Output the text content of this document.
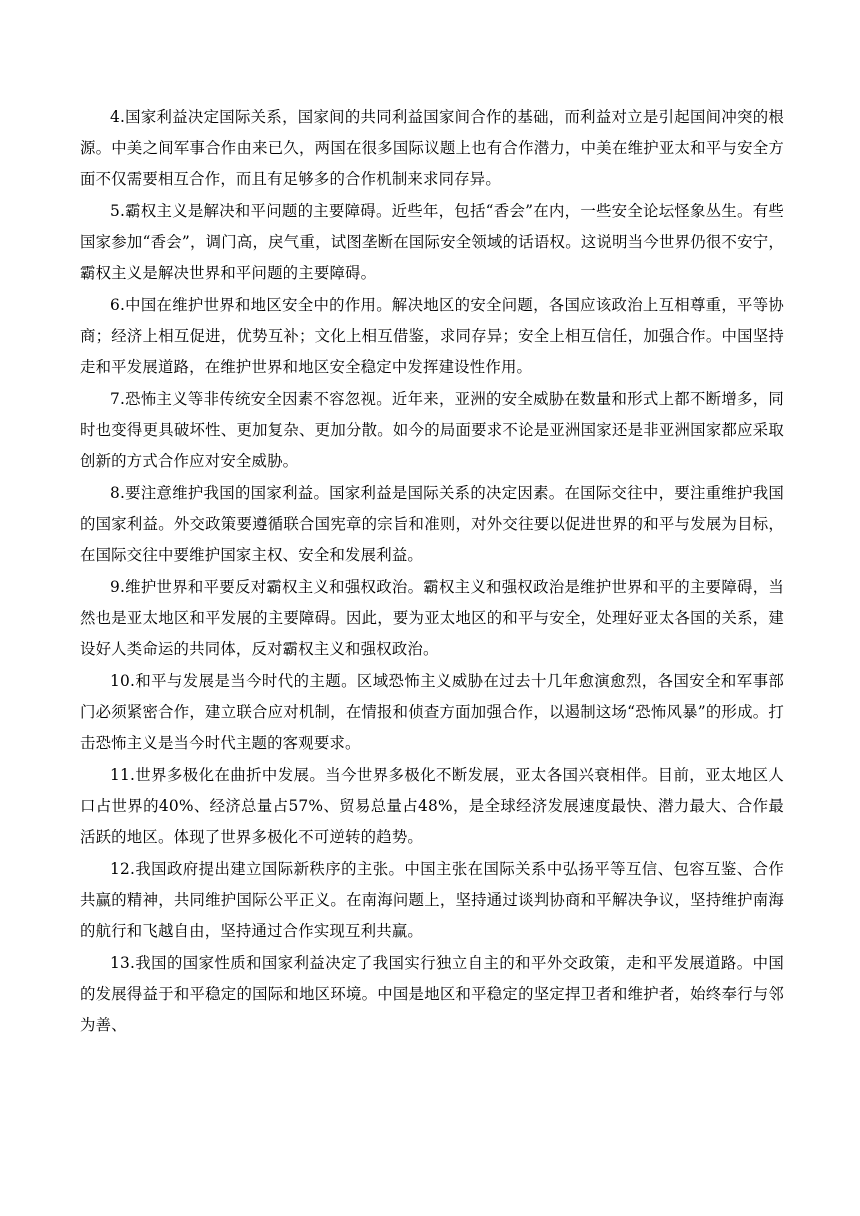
4.国家利益决定国际关系，国家间的共同利益国家间合作的基础，而利益对立是引起国间冲突的根源。中美之间军事合作由来已久，两国在很多国际议题上也有合作潜力，中美在维护亚太和平与安全方面不仅需要相互合作，而且有足够多的合作机制来求同存异。

5.霸权主义是解决和平问题的主要障碍。近些年，包括“香会”在内，一些安全论坛怪象丛生。有些国家参加“香会”，调门高，戾气重，试图垄断在国际安全领域的话语权。这说明当今世界仍很不安宁，霸权主义是解决世界和平问题的主要障碍。

6.中国在维护世界和地区安全中的作用。解决地区的安全问题，各国应该政治上互相尊重，平等协商；经济上相互促进，优势互补；文化上相互借鉴，求同存异；安全上相互信任，加强合作。中国坚持走和平发展道路，在维护世界和地区安全稳定中发挥建设性作用。

7.恐怖主义等非传统安全因素不容忽视。近年来，亚洲的安全威胁在数量和形式上都不断增多，同时也变得更具破坏性、更加复杂、更加分散。如今的局面要求不论是亚洲国家还是非亚洲国家都应采取创新的方式合作应对安全威胁。

8.要注意维护我国的国家利益。国家利益是国际关系的决定因素。在国际交往中，要注重维护我国的国家利益。外交政策要遵循联合国宪章的宗旨和准则，对外交往要以促进世界的和平与发展为目标，在国际交往中要维护国家主权、安全和发展利益。

9.维护世界和平要反对霸权主义和强权政治。霸权主义和强权政治是维护世界和平的主要障碍，当然也是亚太地区和平发展的主要障碍。因此，要为亚太地区的和平与安全，处理好亚太各国的关系，建设好人类命运的共同体，反对霸权主义和强权政治。

10.和平与发展是当今时代的主题。区域恐怖主义威胁在过去十几年愈演愈烈，各国安全和军事部门必须紧密合作，建立联合应对机制，在情报和侦查方面加强合作，以遏制这场“恐怖风暴”的形成。打击恐怖主义是当今时代主题的客观要求。

11.世界多极化在曲折中发展。当今世界多极化不断发展，亚太各国兴衰相伴。目前，亚太地区人口占世界的40%、经济总量占57%、贸易总量占48%，是全球经济发展速度最快、潜力最大、合作最活跃的地区。体现了世界多极化不可逆转的趋势。

12.我国政府提出建立国际新秩序的主张。中国主张在国际关系中弘扬平等互信、包容互鉴、合作共赢的精神，共同维护国际公平正义。在南海问题上，坚持通过谈判协商和平解决争议，坚持维护南海的航行和飞越自由，坚持通过合作实现互利共赢。

13.我国的国家性质和国家利益决定了我国实行独立自主的和平外交政策，走和平发展道路。中国的发展得益于和平稳定的国际和地区环境。中国是地区和平稳定的坚定捍卫者和维护者，始终奉行与邻为善、
